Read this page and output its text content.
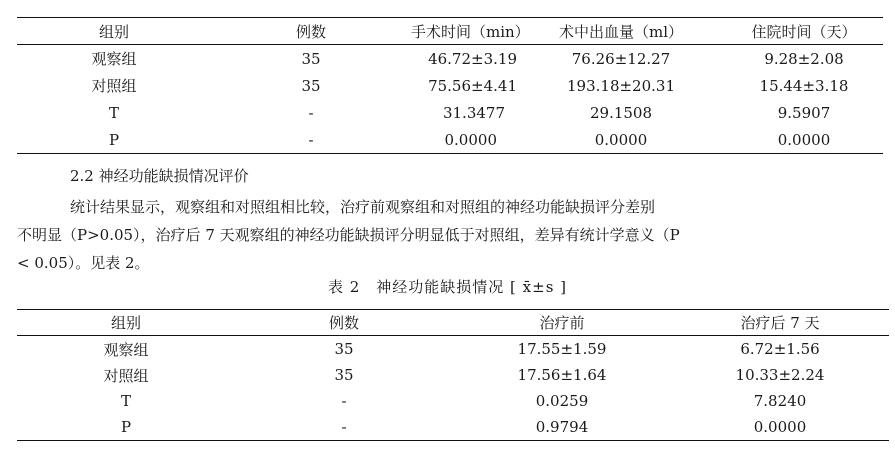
组别	例数	手术时间（min）	术中出血量（ml）	住院时间（天）
观察组	35	46.72±3.19	76.26±12.27	9.28±2.08
对照组	35	75.56±4.41	193.18±20.31	15.44±3.18
T	-	31.3477	29.1508	9.5907
P	-	0.0000	0.0000	0.0000
2.2 神经功能缺损情况评价
统计结果显示，观察组和对照组相比较，治疗前观察组和对照组的神经功能缺损评分差别
不明显（P>0.05），治疗后 7 天观察组的神经功能缺损评分明显低于对照组，差异有统计学意义（P
< 0.05）。见表 2。
表 2　神经功能缺损情况 [ x̄±s ]
组别	例数	治疗前	治疗后 7 天
观察组	35	17.55±1.59	6.72±1.56
对照组	35	17.56±1.64	10.33±2.24
T	-	0.0259	7.8240
P	-	0.9794	0.0000
